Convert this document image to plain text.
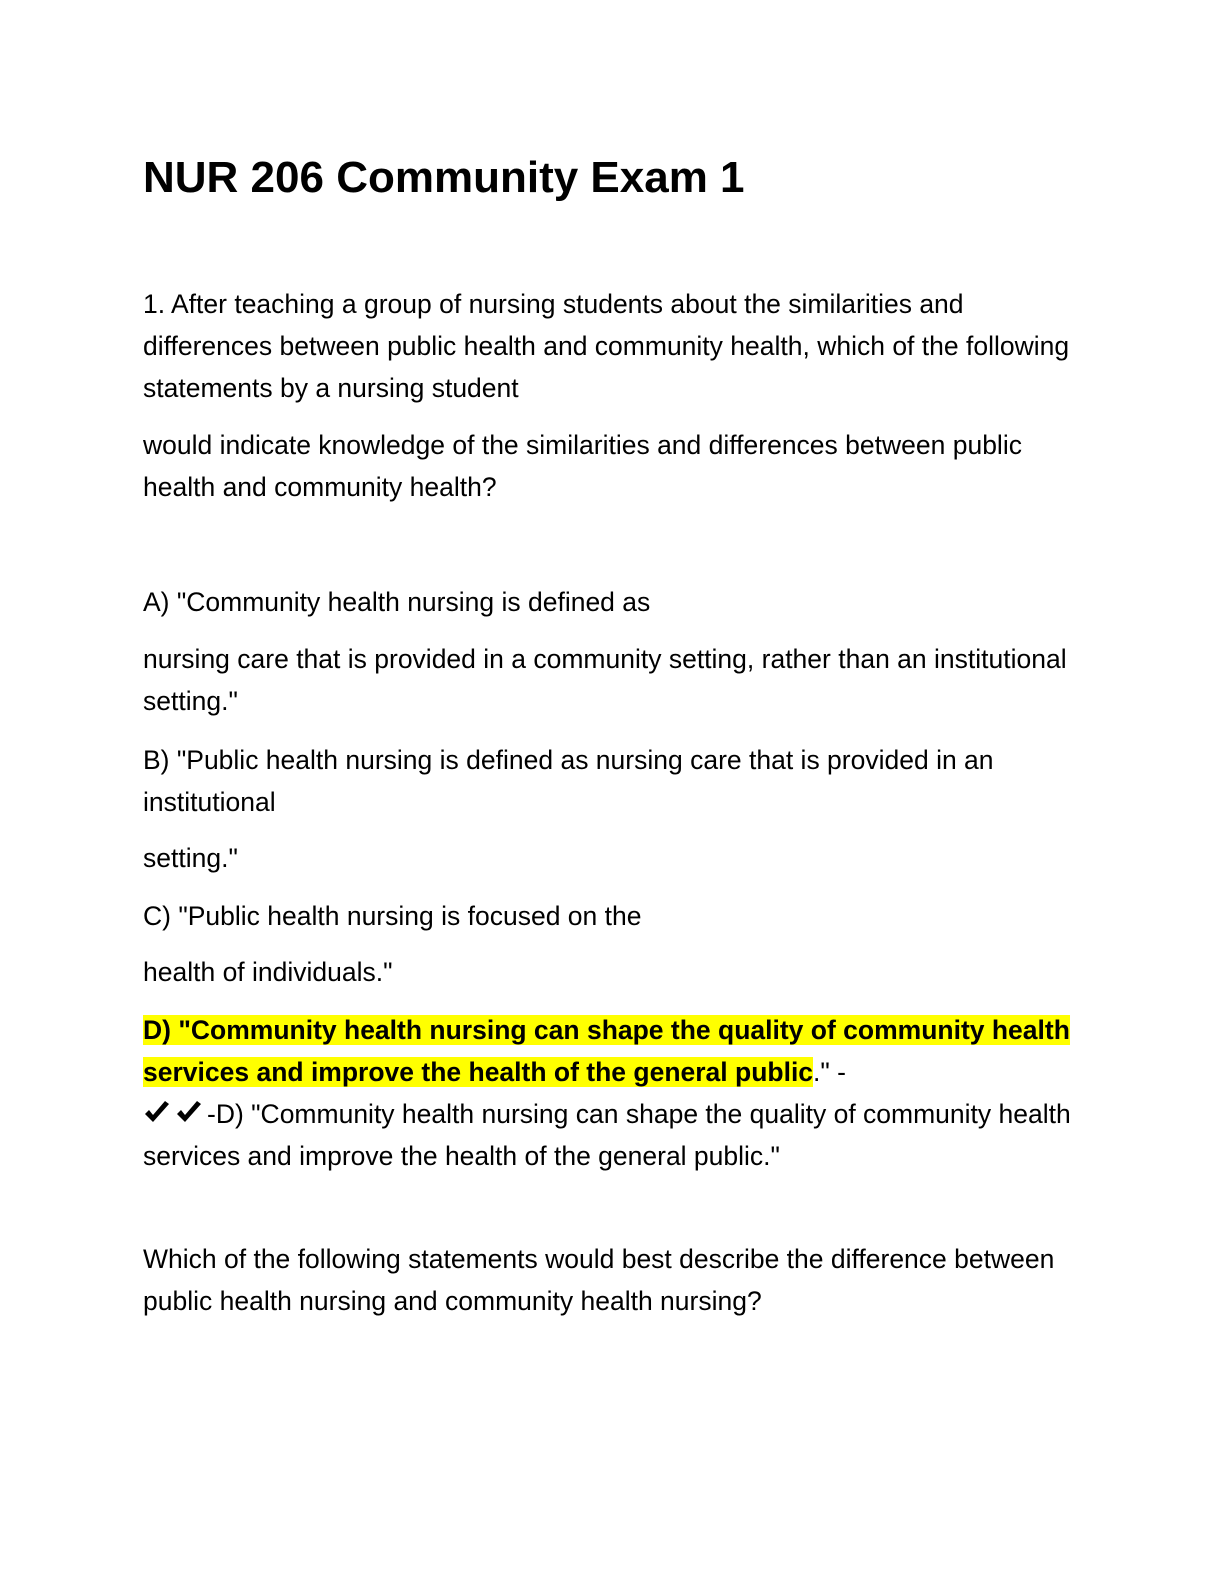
NUR 206 Community Exam 1

1. After teaching a group of nursing students about the similarities and differences between public health and community health, which of the following statements by a nursing student

would indicate knowledge of the similarities and differences between public health and community health?

A) "Community health nursing is defined as

nursing care that is provided in a community setting, rather than an institutional setting."

B) "Public health nursing is defined as nursing care that is provided in an institutional

setting."

C) "Public health nursing is focused on the

health of individuals."

D) "Community health nursing can shape the quality of community health services and improve the health of the general public." -
-D) "Community health nursing can shape the quality of community health services and improve the health of the general public."

Which of the following statements would best describe the difference between public health nursing and community health nursing?
